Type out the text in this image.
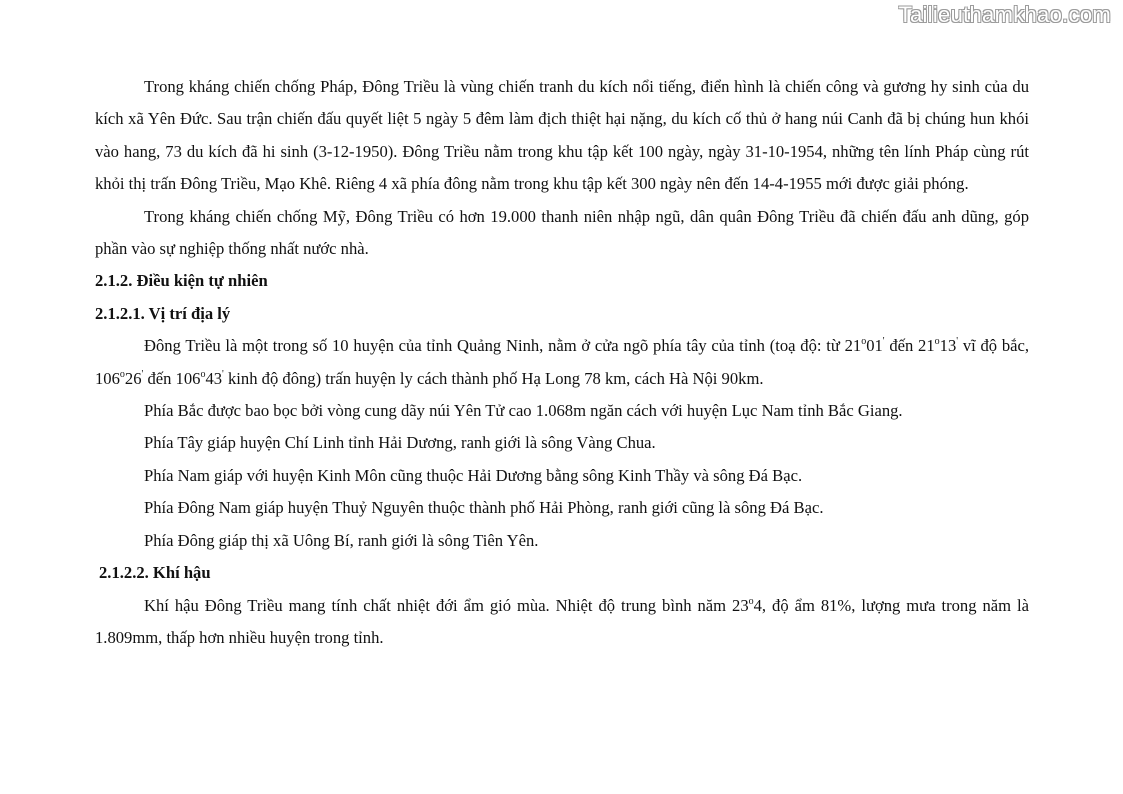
Tailieuthamkhao.com

Trong kháng chiến chống Pháp, Đông Triều là vùng chiến tranh du kích nổi tiếng, điển hình là chiến công và gương hy sinh của du kích xã Yên Đức. Sau trận chiến đấu quyết liệt 5 ngày 5 đêm làm địch thiệt hại nặng, du kích cố thủ ở hang núi Canh đã bị chúng hun khói vào hang, 73 du kích đã hi sinh (3-12-1950). Đông Triều nằm trong khu tập kết 100 ngày, ngày 31-10-1954, những tên lính Pháp cùng rút khỏi thị trấn Đông Triều, Mạo Khê. Riêng 4 xã phía đông nằm trong khu tập kết 300 ngày nên đến 14-4-1955 mới được giải phóng.

Trong kháng chiến chống Mỹ, Đông Triều có hơn 19.000 thanh niên nhập ngũ, dân quân Đông Triều đã chiến đấu anh dũng, góp phần vào sự nghiệp thống nhất nước nhà.

2.1.2. Điều kiện tự nhiên

2.1.2.1. Vị trí địa lý

Đông Triều là một trong số 10 huyện của tỉnh Quảng Ninh, nằm ở cửa ngõ phía tây của tỉnh (toạ độ: từ 21$^o$01' đến 21$^o$13' vĩ độ bắc, 106$^o$26' đến 106$^o$43' kinh độ đông) trấn huyện ly cách thành phố Hạ Long 78 km, cách Hà Nội 90km.

Phía Bắc được bao bọc bởi vòng cung dãy núi Yên Tử cao 1.068m ngăn cách với huyện Lục Nam tỉnh Bắc Giang.

Phía Tây giáp huyện Chí Linh tỉnh Hải Dương, ranh giới là sông Vàng Chua.

Phía Nam giáp với huyện Kinh Môn cũng thuộc Hải Dương bằng sông Kinh Thầy và sông Đá Bạc.

Phía Đông Nam giáp huyện Thuỷ Nguyên thuộc thành phố Hải Phòng, ranh giới cũng là sông Đá Bạc.

Phía Đông giáp thị xã Uông Bí, ranh giới là sông Tiên Yên.

2.1.2.2. Khí hậu

Khí hậu Đông Triều mang tính chất nhiệt đới ẩm gió mùa. Nhiệt độ trung bình năm 23$^o$4, độ ẩm 81%, lượng mưa trong năm là 1.809mm, thấp hơn nhiều huyện trong tỉnh.
